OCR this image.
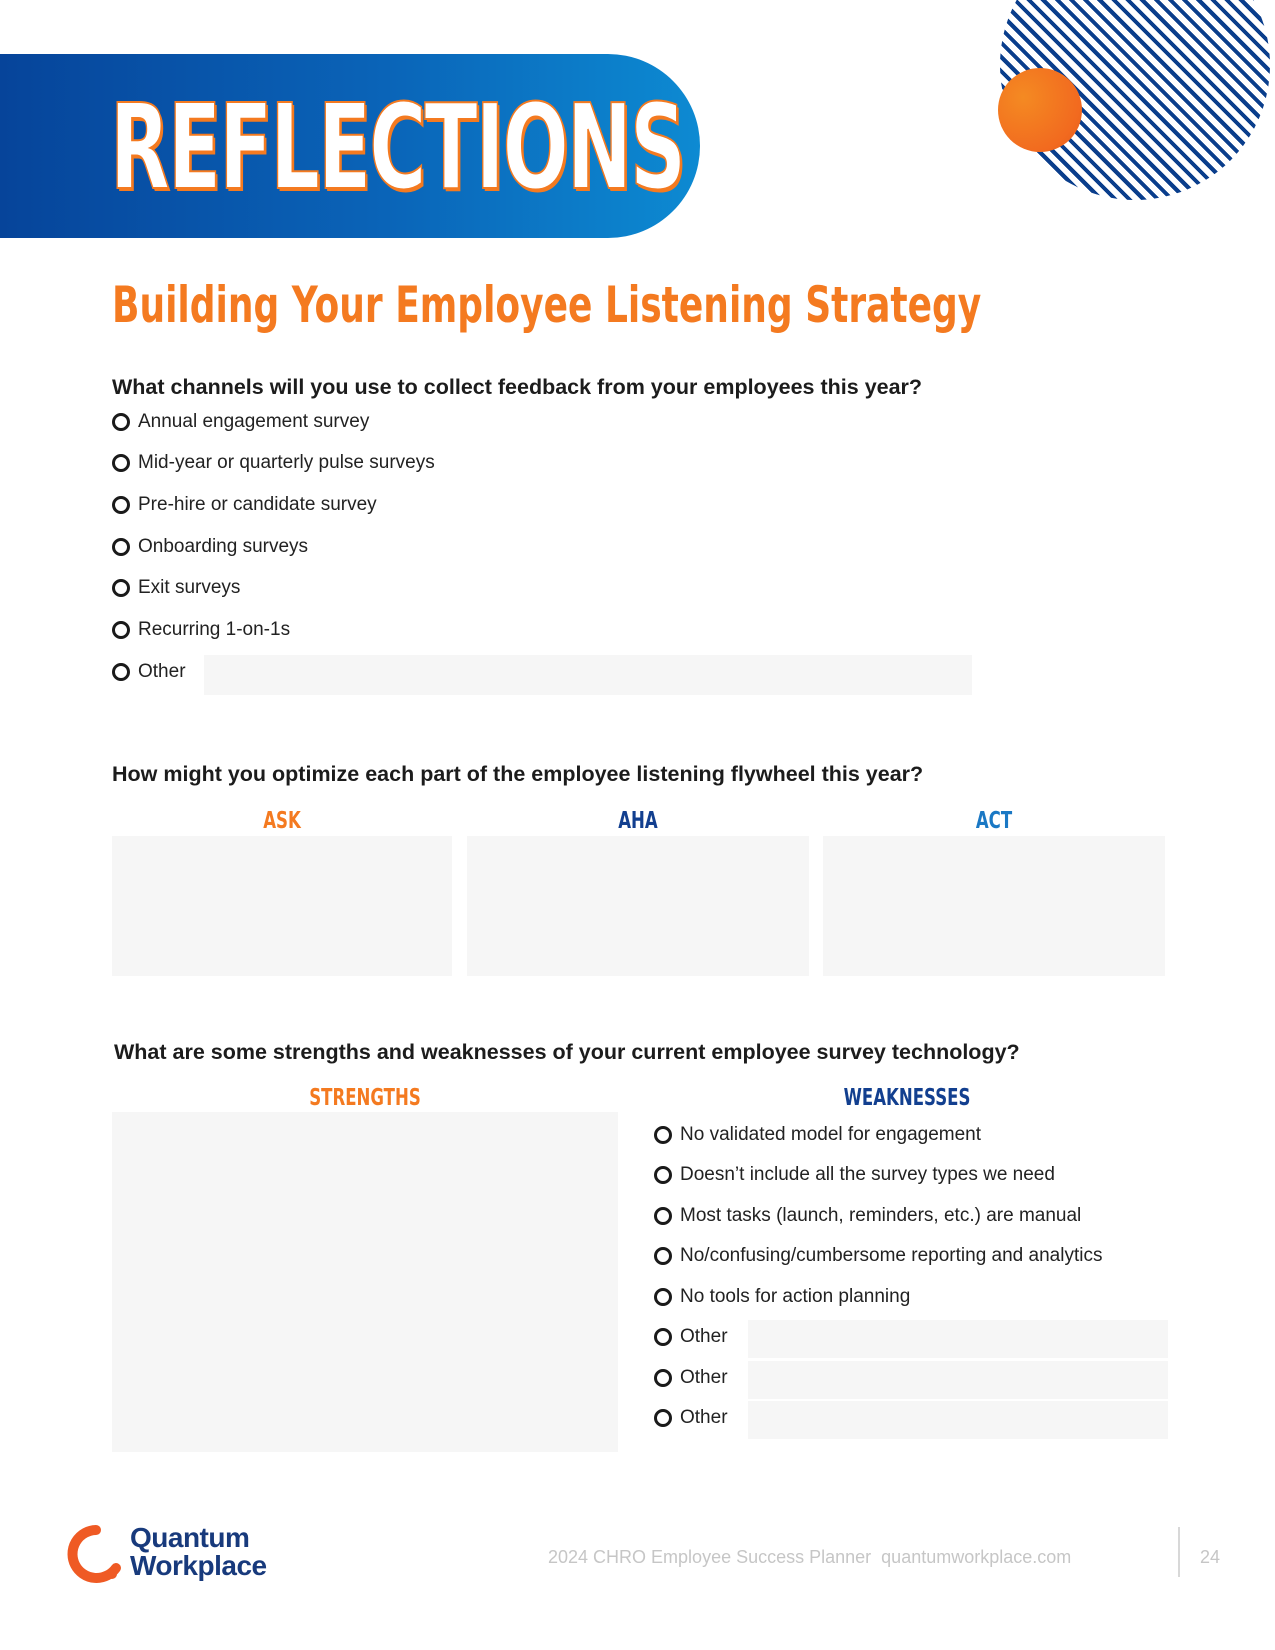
REFLECTIONS
Building Your Employee Listening Strategy

What channels will you use to collect feedback from your employees this year?

Annual engagement survey
Mid-year or quarterly pulse surveys
Pre-hire or candidate survey
Onboarding surveys
Exit surveys
Recurring 1-on-1s
Other

How might you optimize each part of the employee listening flywheel this year?

ASK	AHA	ACT

What are some strengths and weaknesses of your current employee survey technology?

STRENGTHS	WEAKNESSES

No validated model for engagement
Doesn’t include all the survey types we need
Most tasks (launch, reminders, etc.) are manual
No/confusing/cumbersome reporting and analytics
No tools for action planning
Other
Other
Other
Quantum
Workplace	2024 CHRO Employee Success Planner quantumworkplace.com	24
